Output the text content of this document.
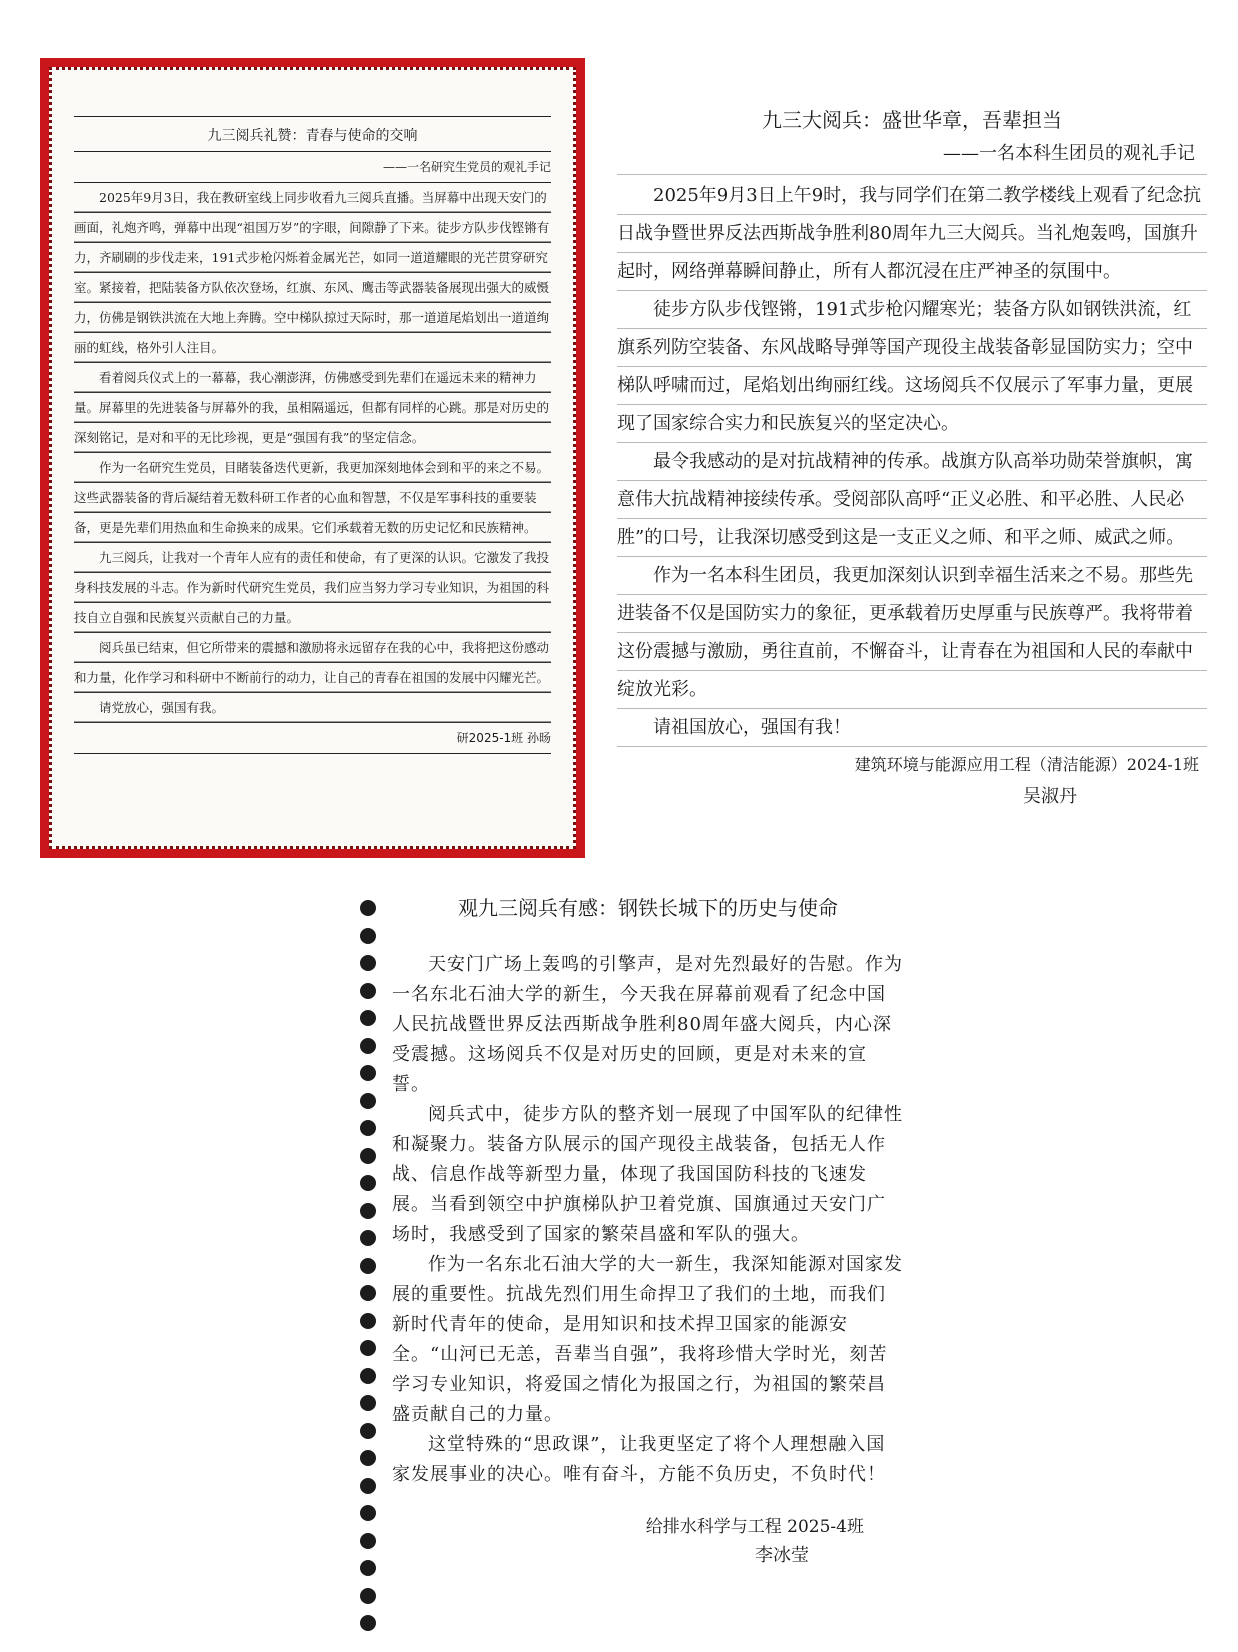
九三阅兵礼赞：青春与使命的交响
——一名研究生党员的观礼手记

2025年9月3日，我在教研室线上同步收看九三阅兵直播。当屏幕中出现天安门的画面，礼炮齐鸣，弹幕中出现“祖国万岁”的字眼，间隙静了下来。徒步方队步伐铿锵有力，齐刷刷的步伐走来，191式步枪闪烁着金属光芒，如同一道道耀眼的光芒贯穿研究室。紧接着，把陆装备方队依次登场，红旗、东风、鹰击等武器装备展现出强大的威慑力，仿佛是钢铁洪流在大地上奔腾。空中梯队掠过天际时，那一道道尾焰划出一道道绚丽的虹线，格外引人注目。

看着阅兵仪式上的一幕幕，我心潮澎湃，仿佛感受到先辈们在遥远未来的精神力量。屏幕里的先进装备与屏幕外的我，虽相隔遥远，但都有同样的心跳。那是对历史的深刻铭记，是对和平的无比珍视，更是“强国有我”的坚定信念。

作为一名研究生党员，目睹装备迭代更新，我更加深刻地体会到和平的来之不易。这些武器装备的背后凝结着无数科研工作者的心血和智慧，不仅是军事科技的重要装备，更是先辈们用热血和生命换来的成果。它们承载着无数的历史记忆和民族精神。

九三阅兵，让我对一个青年人应有的责任和使命，有了更深的认识。它激发了我投身科技发展的斗志。作为新时代研究生党员，我们应当努力学习专业知识，为祖国的科技自立自强和民族复兴贡献自己的力量。

阅兵虽已结束，但它所带来的震撼和激励将永远留存在我的心中，我将把这份感动和力量，化作学习和科研中不断前行的动力，让自己的青春在祖国的发展中闪耀光芒。

请党放心，强国有我。

研2025-1班 孙旸
九三大阅兵：盛世华章，吾辈担当
——一名本科生团员的观礼手记

2025年9月3日上午9时，我与同学们在第二教学楼线上观看了纪念抗日战争暨世界反法西斯战争胜利80周年九三大阅兵。当礼炮轰鸣，国旗升起时，网络弹幕瞬间静止，所有人都沉浸在庄严神圣的氛围中。

徒步方队步伐铿锵，191式步枪闪耀寒光；装备方队如钢铁洪流，红旗系列防空装备、东风战略导弹等国产现役主战装备彰显国防实力；空中梯队呼啸而过，尾焰划出绚丽红线。这场阅兵不仅展示了军事力量，更展现了国家综合实力和民族复兴的坚定决心。

最令我感动的是对抗战精神的传承。战旗方队高举功勋荣誉旗帜，寓意伟大抗战精神接续传承。受阅部队高呼“正义必胜、和平必胜、人民必胜”的口号，让我深切感受到这是一支正义之师、和平之师、威武之师。

作为一名本科生团员，我更加深刻认识到幸福生活来之不易。那些先进装备不仅是国防实力的象征，更承载着历史厚重与民族尊严。我将带着这份震撼与激励，勇往直前，不懈奋斗，让青春在为祖国和人民的奉献中绽放光彩。

请祖国放心，强国有我！

建筑环境与能源应用工程（清洁能源）2024-1班
吴淑丹
观九三阅兵有感：钢铁长城下的历史与使命

天安门广场上轰鸣的引擎声，是对先烈最好的告慰。作为一名东北石油大学的新生，今天我在屏幕前观看了纪念中国人民抗战暨世界反法西斯战争胜利80周年盛大阅兵，内心深受震撼。这场阅兵不仅是对历史的回顾，更是对未来的宣誓。

阅兵式中，徒步方队的整齐划一展现了中国军队的纪律性和凝聚力。装备方队展示的国产现役主战装备，包括无人作战、信息作战等新型力量，体现了我国国防科技的飞速发展。当看到领空中护旗梯队护卫着党旗、国旗通过天安门广场时，我感受到了国家的繁荣昌盛和军队的强大。

作为一名东北石油大学的大一新生，我深知能源对国家发展的重要性。抗战先烈们用生命捍卫了我们的土地，而我们新时代青年的使命，是用知识和技术捍卫国家的能源安全。“山河已无恙，吾辈当自强”，我将珍惜大学时光，刻苦学习专业知识，将爱国之情化为报国之行，为祖国的繁荣昌盛贡献自己的力量。

这堂特殊的“思政课”，让我更坚定了将个人理想融入国家发展事业的决心。唯有奋斗，方能不负历史，不负时代！

给排水科学与工程 2025-4班
李冰莹
